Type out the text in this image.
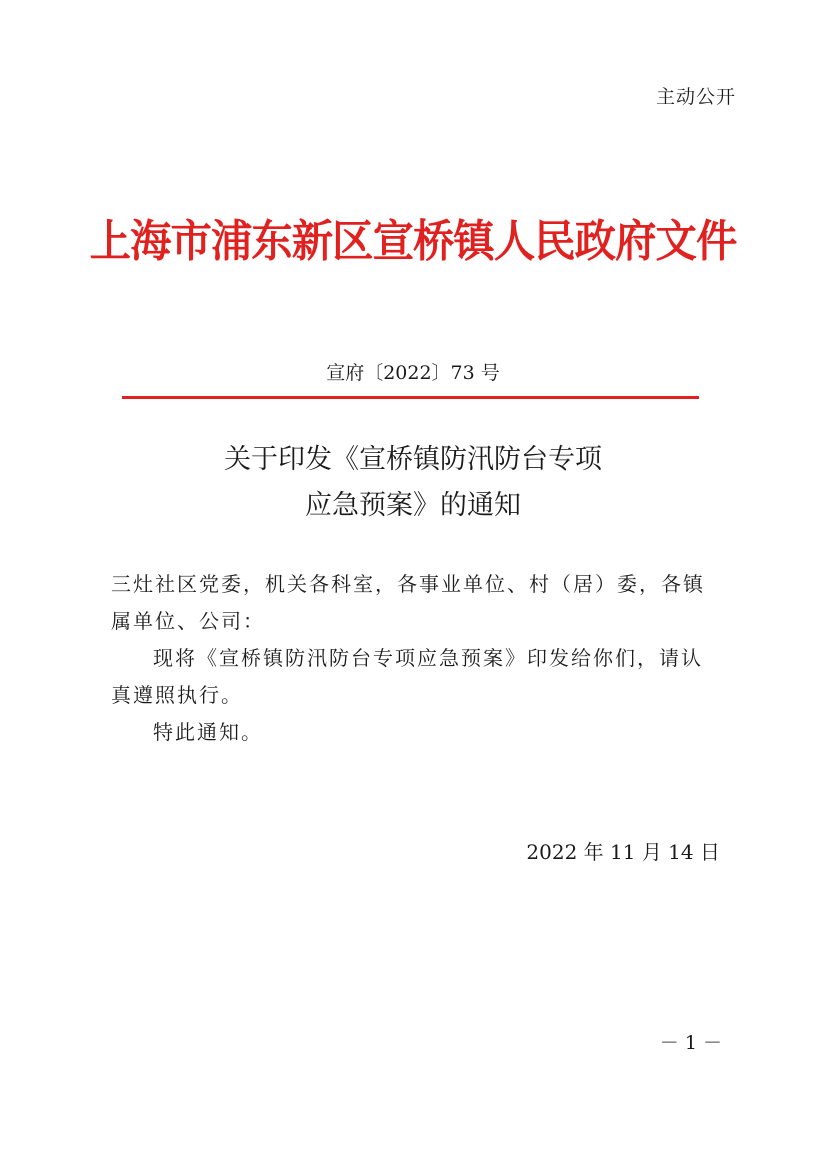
主动公开
上海市浦东新区宣桥镇人民政府文件
宣府〔2022〕73 号
关于印发《宣桥镇防汛防台专项
应急预案》的通知

三灶社区党委，机关各科室，各事业单位、村（居）委，各镇属单位、公司：

现将《宣桥镇防汛防台专项应急预案》印发给你们，请认真遵照执行。

特此通知。

2022 年 11 月 14 日
－ 1 －
